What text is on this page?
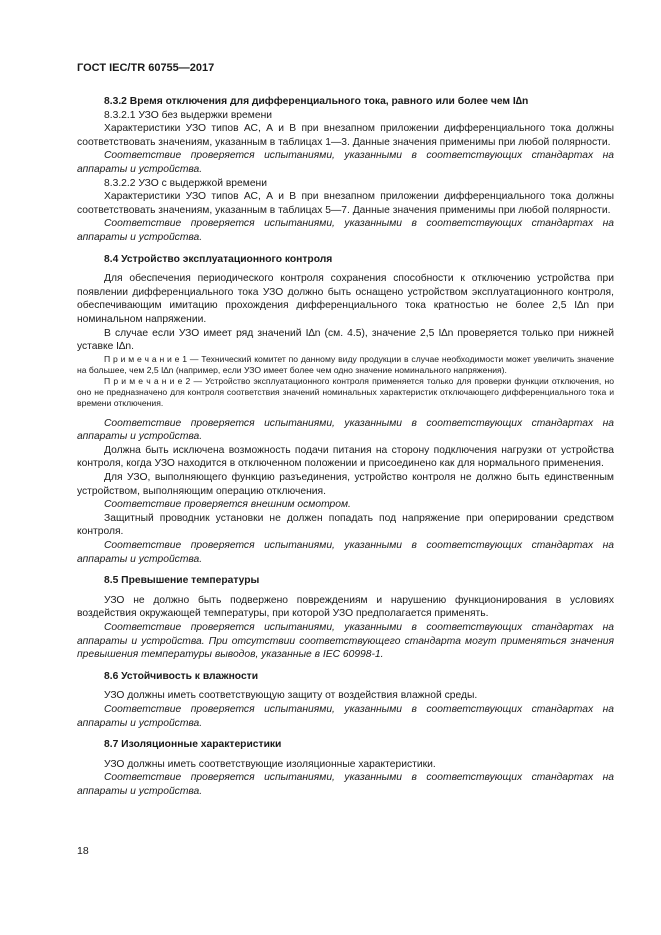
ГОСТ IEC/TR 60755—2017

8.3.2 Время отключения для дифференциального тока, равного или более чем I∆n

8.3.2.1 УЗО без выдержки времени

Характеристики УЗО типов АС, А и В при внезапном приложении дифференциального тока должны соответствовать значениям, указанным в таблицах 1—3. Данные значения применимы при любой полярности.

Соответствие проверяется испытаниями, указанными в соответствующих стандартах на аппараты и устройства.

8.3.2.2 УЗО с выдержкой времени

Характеристики УЗО типов АС, А и В при внезапном приложении дифференциального тока должны соответствовать значениям, указанным в таблицах 5—7. Данные значения применимы при любой полярности.

Соответствие проверяется испытаниями, указанными в соответствующих стандартах на аппараты и устройства.

8.4 Устройство эксплуатационного контроля

Для обеспечения периодического контроля сохранения способности к отключению устройства при появлении дифференциального тока УЗО должно быть оснащено устройством эксплуатационного контроля, обеспечивающим имитацию прохождения дифференциального тока кратностью не более 2,5 I∆n при номинальном напряжении.

В случае если УЗО имеет ряд значений I∆n (см. 4.5), значение 2,5 I∆n проверяется только при нижней уставке I∆n.

П р и м е ч а н и е 1 — Технический комитет по данному виду продукции в случае необходимости может увеличить значение на большее, чем 2,5 I∆n (например, если УЗО имеет более чем одно значение номинального напряжения).

П р и м е ч а н и е 2 — Устройство эксплуатационного контроля применяется только для проверки функции отключения, но оно не предназначено для контроля соответствия значений номинальных характеристик отключающего дифференциального тока и времени отключения.

Соответствие проверяется испытаниями, указанными в соответствующих стандартах на аппараты и устройства.

Должна быть исключена возможность подачи питания на сторону подключения нагрузки от устройства контроля, когда УЗО находится в отключенном положении и присоединено как для нормального применения.

Для УЗО, выполняющего функцию разъединения, устройство контроля не должно быть единственным устройством, выполняющим операцию отключения.

Соответствие проверяется внешним осмотром.

Защитный проводник установки не должен попадать под напряжение при оперировании средством контроля.

Соответствие проверяется испытаниями, указанными в соответствующих стандартах на аппараты и устройства.

8.5 Превышение температуры

УЗО не должно быть подвержено повреждениям и нарушению функционирования в условиях воздействия окружающей температуры, при которой УЗО предполагается применять.

Соответствие проверяется испытаниями, указанными в соответствующих стандартах на аппараты и устройства. При отсутствии соответствующего стандарта могут применяться значения превышения температуры выводов, указанные в IEC 60998-1.

8.6 Устойчивость к влажности

УЗО должны иметь соответствующую защиту от воздействия влажной среды.

Соответствие проверяется испытаниями, указанными в соответствующих стандартах на аппараты и устройства.

8.7 Изоляционные характеристики

УЗО должны иметь соответствующие изоляционные характеристики.

Соответствие проверяется испытаниями, указанными в соответствующих стандартах на аппараты и устройства.

18
